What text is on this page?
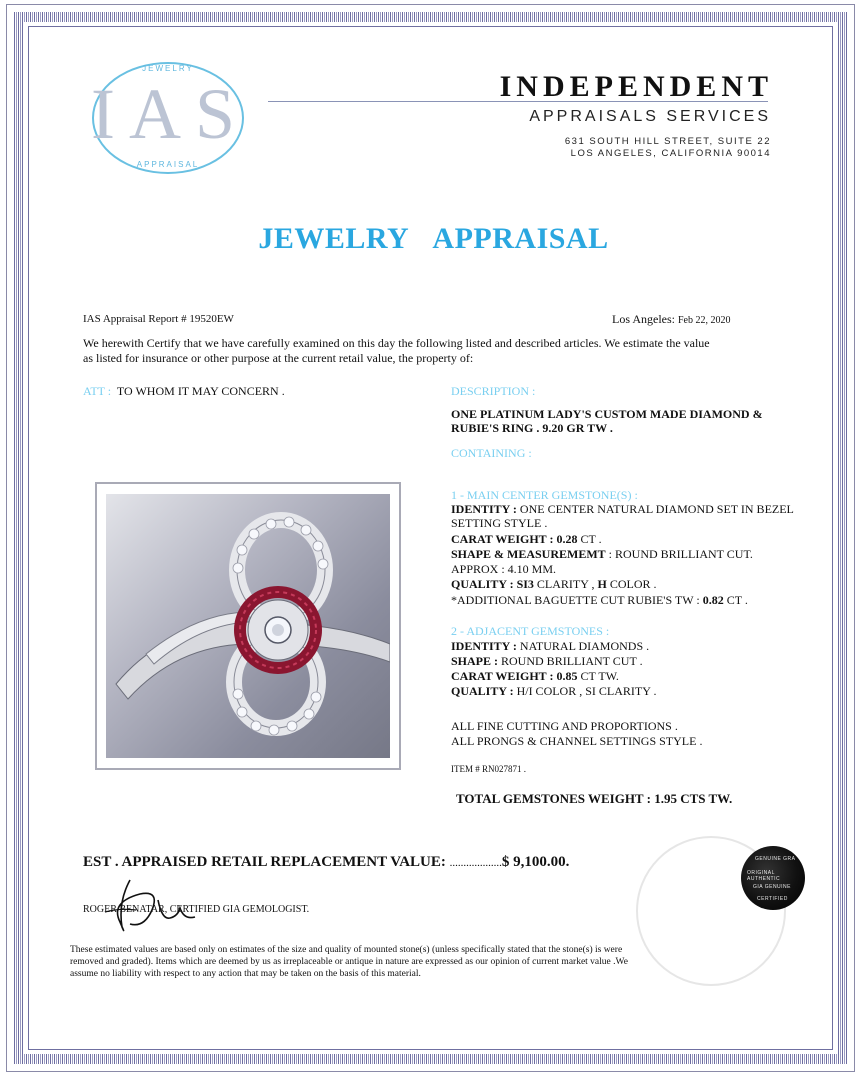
JEWELRY
IAS
APPRAISAL
INDEPENDENT
APPRAISALS SERVICES
631 SOUTH HILL STREET, SUITE 22
LOS ANGELES, CALIFORNIA 90014
JEWELRY APPRAISAL
IAS Appraisal Report # 19520EW	Los Angeles: Feb 22, 2020
We herewith Certify that we have carefully examined on this day the following listed and described articles. We estimate the value
as listed for insurance or other purpose at the current retail value, the property of:
ATT : TO WHOM IT MAY CONCERN .	DESCRIPTION :
ONE PLATINUM LADY'S CUSTOM MADE DIAMOND &
RUBIE'S RING . 9.20 GR TW .
CONTAINING :
1 - MAIN CENTER GEMSTONE(S) :
IDENTITY : ONE CENTER NATURAL DIAMOND SET IN BEZEL
SETTING STYLE .
CARAT WEIGHT : 0.28 CT .
SHAPE & MEASUREMEMT : ROUND BRILLIANT CUT.
APPROX : 4.10 MM.
QUALITY : SI3 CLARITY , H COLOR .
*ADDITIONAL BAGUETTE CUT RUBIE'S TW : 0.82 CT .
2 - ADJACENT GEMSTONES :
IDENTITY : NATURAL DIAMONDS .
SHAPE : ROUND BRILLIANT CUT .
CARAT WEIGHT : 0.85 CT TW.
QUALITY : H/I COLOR , SI CLARITY .
ALL FINE CUTTING AND PROPORTIONS .
ALL PRONGS & CHANNEL SETTINGS STYLE .
ITEM # RN027871 .
TOTAL GEMSTONES WEIGHT : 1.95 CTS TW.
EST . APPRAISED RETAIL REPLACEMENT VALUE: ...................$ 9,100.00.	GENUINE GRA
ORIGINAL AUTHENTIC
GIA GENUINE
CERTIFIED
ROGER BENATAR, CERTIFIED GIA GEMOLOGIST.
These estimated values are based only on estimates of the size and quality of mounted stone(s) (unless specifically stated that the stone(s) is were
removed and graded). Items which are deemed by us as irreplaceable or antique in nature are expressed as our opinion of current market value .We
assume no liability with respect to any action that may be taken on the basis of this material.
